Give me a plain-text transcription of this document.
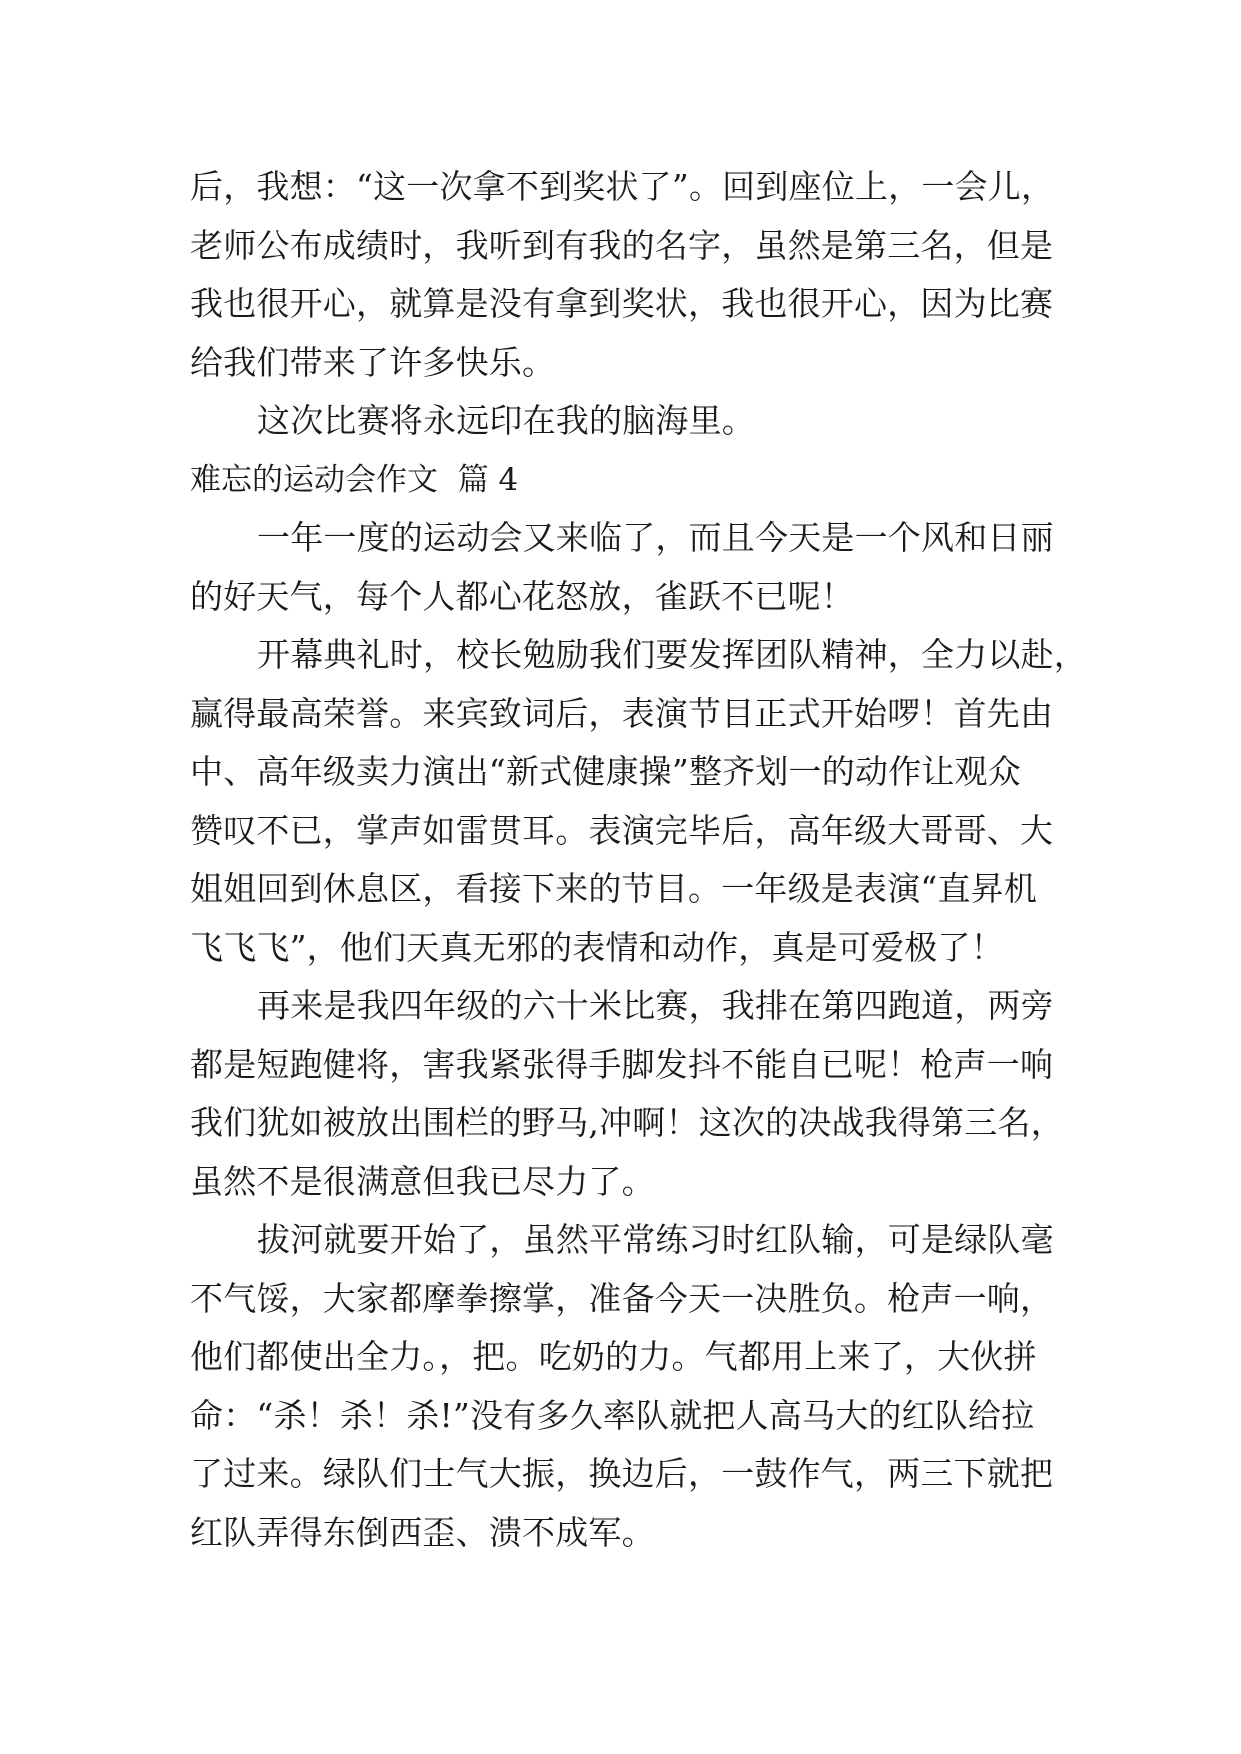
后，我想：“这一次拿不到奖状了”。回到座位上，一会儿，
老师公布成绩时，我听到有我的名字，虽然是第三名，但是
我也很开心，就算是没有拿到奖状，我也很开心，因为比赛
给我们带来了许多快乐。
这次比赛将永远印在我的脑海里。
难忘的运动会作文  篇 4
一年一度的运动会又来临了，而且今天是一个风和日丽
的好天气，每个人都心花怒放，雀跃不已呢！
开幕典礼时，校长勉励我们要发挥团队精神，全力以赴，
赢得最高荣誉。来宾致词后，表演节目正式开始啰！首先由
中、高年级卖力演出“新式健康操”整齐划一的动作让观众
赞叹不已，掌声如雷贯耳。表演完毕后，高年级大哥哥、大
姐姐回到休息区，看接下来的节目。一年级是表演“直昇机
飞飞飞”，他们天真无邪的表情和动作，真是可爱极了！
再来是我四年级的六十米比赛，我排在第四跑道，两旁
都是短跑健将，害我紧张得手脚发抖不能自已呢！枪声一响
我们犹如被放出围栏的野马,冲啊！这次的决战我得第三名，
虽然不是很满意但我已尽力了。
拔河就要开始了，虽然平常练习时红队输，可是绿队毫
不气馁，大家都摩拳擦掌，准备今天一决胜负。枪声一响，
他们都使出全力。，把。吃奶的力。气都用上来了，大伙拼
命：“杀！杀！杀!”没有多久率队就把人高马大的红队给拉
了过来。绿队们士气大振，换边后，一鼓作气，两三下就把
红队弄得东倒西歪、溃不成军。
